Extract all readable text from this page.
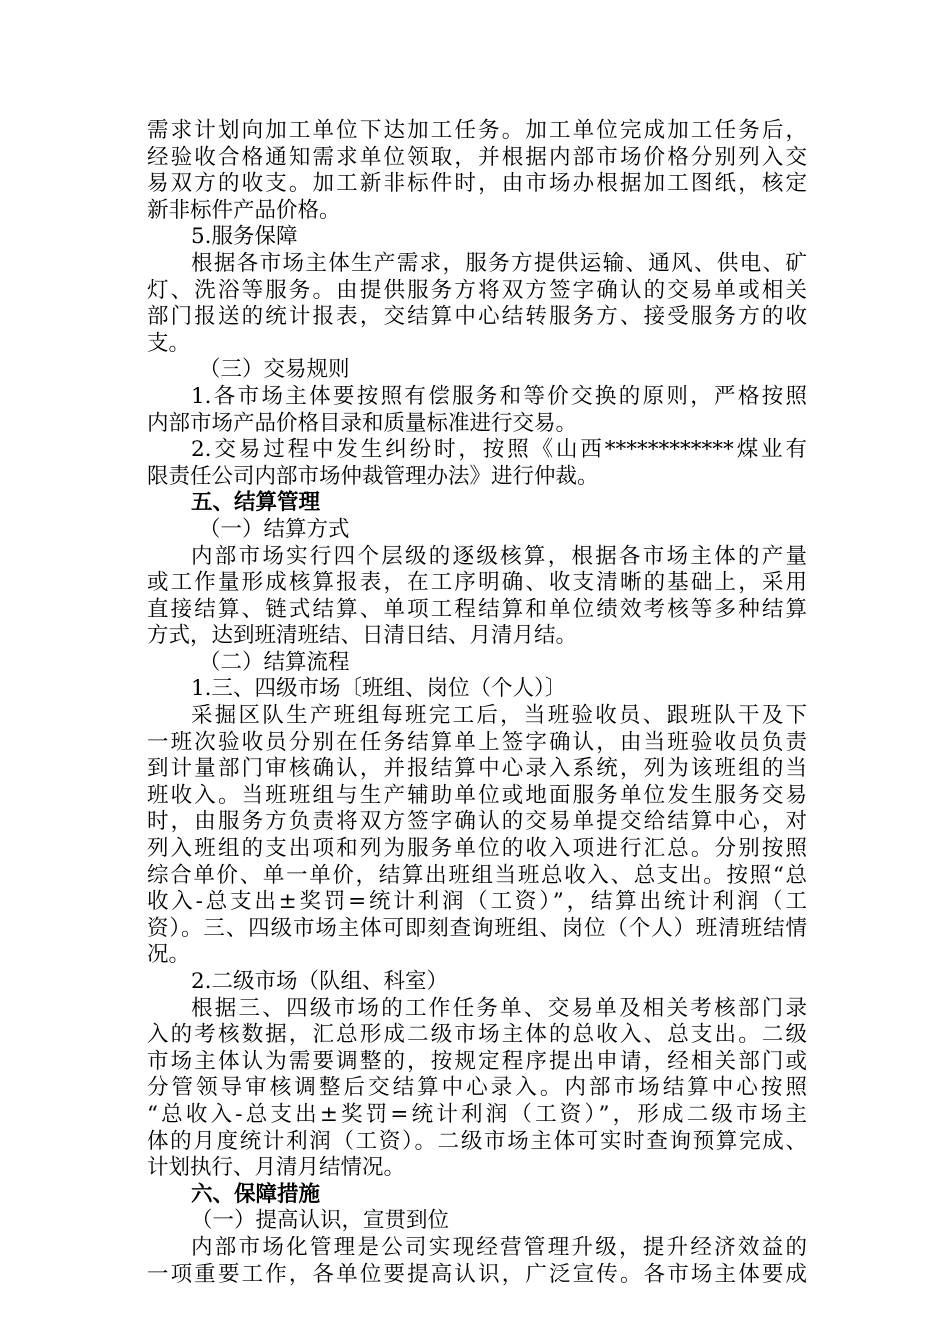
需求计划向加工单位下达加工任务。加工单位完成加工任务后，
经验收合格通知需求单位领取，并根据内部市场价格分别列入交
易双方的收支。加工新非标件时，由市场办根据加工图纸，核定
新非标件产品价格。
5.服务保障
根据各市场主体生产需求，服务方提供运输、通风、供电、矿
灯、洗浴等服务。由提供服务方将双方签字确认的交易单或相关
部门报送的统计报表，交结算中心结转服务方、接受服务方的收
支。
（三）交易规则
1.各市场主体要按照有偿服务和等价交换的原则，严格按照
内部市场产品价格目录和质量标准进行交易。
2.交易过程中发生纠纷时，按照《山西************煤业有
限责任公司内部市场仲裁管理办法》进行仲裁。
五、结算管理
（一）结算方式
内部市场实行四个层级的逐级核算，根据各市场主体的产量
或工作量形成核算报表，在工序明确、收支清晰的基础上，采用
直接结算、链式结算、单项工程结算和单位绩效考核等多种结算
方式，达到班清班结、日清日结、月清月结。
（二）结算流程
1.三、四级市场〔班组、岗位（个人）〕
采掘区队生产班组每班完工后，当班验收员、跟班队干及下
一班次验收员分别在任务结算单上签字确认，由当班验收员负责
到计量部门审核确认，并报结算中心录入系统，列为该班组的当
班收入。当班班组与生产辅助单位或地面服务单位发生服务交易
时，由服务方负责将双方签字确认的交易单提交给结算中心，对
列入班组的支出项和列为服务单位的收入项进行汇总。分别按照
综合单价、单一单价，结算出班组当班总收入、总支出。按照“总
收入-总支出±奖罚=统计利润（工资）”，结算出统计利润（工
资）。三、四级市场主体可即刻查询班组、岗位（个人）班清班结情
况。
2.二级市场（队组、科室）
根据三、四级市场的工作任务单、交易单及相关考核部门录
入的考核数据，汇总形成二级市场主体的总收入、总支出。二级
市场主体认为需要调整的，按规定程序提出申请，经相关部门或
分管领导审核调整后交结算中心录入。内部市场结算中心按照
“总收入-总支出±奖罚=统计利润（工资）”，形成二级市场主
体的月度统计利润（工资）。二级市场主体可实时查询预算完成、
计划执行、月清月结情况。
六、保障措施
（一）提高认识，宣贯到位
内部市场化管理是公司实现经营管理升级，提升经济效益的
一项重要工作，各单位要提高认识，广泛宣传。各市场主体要成
